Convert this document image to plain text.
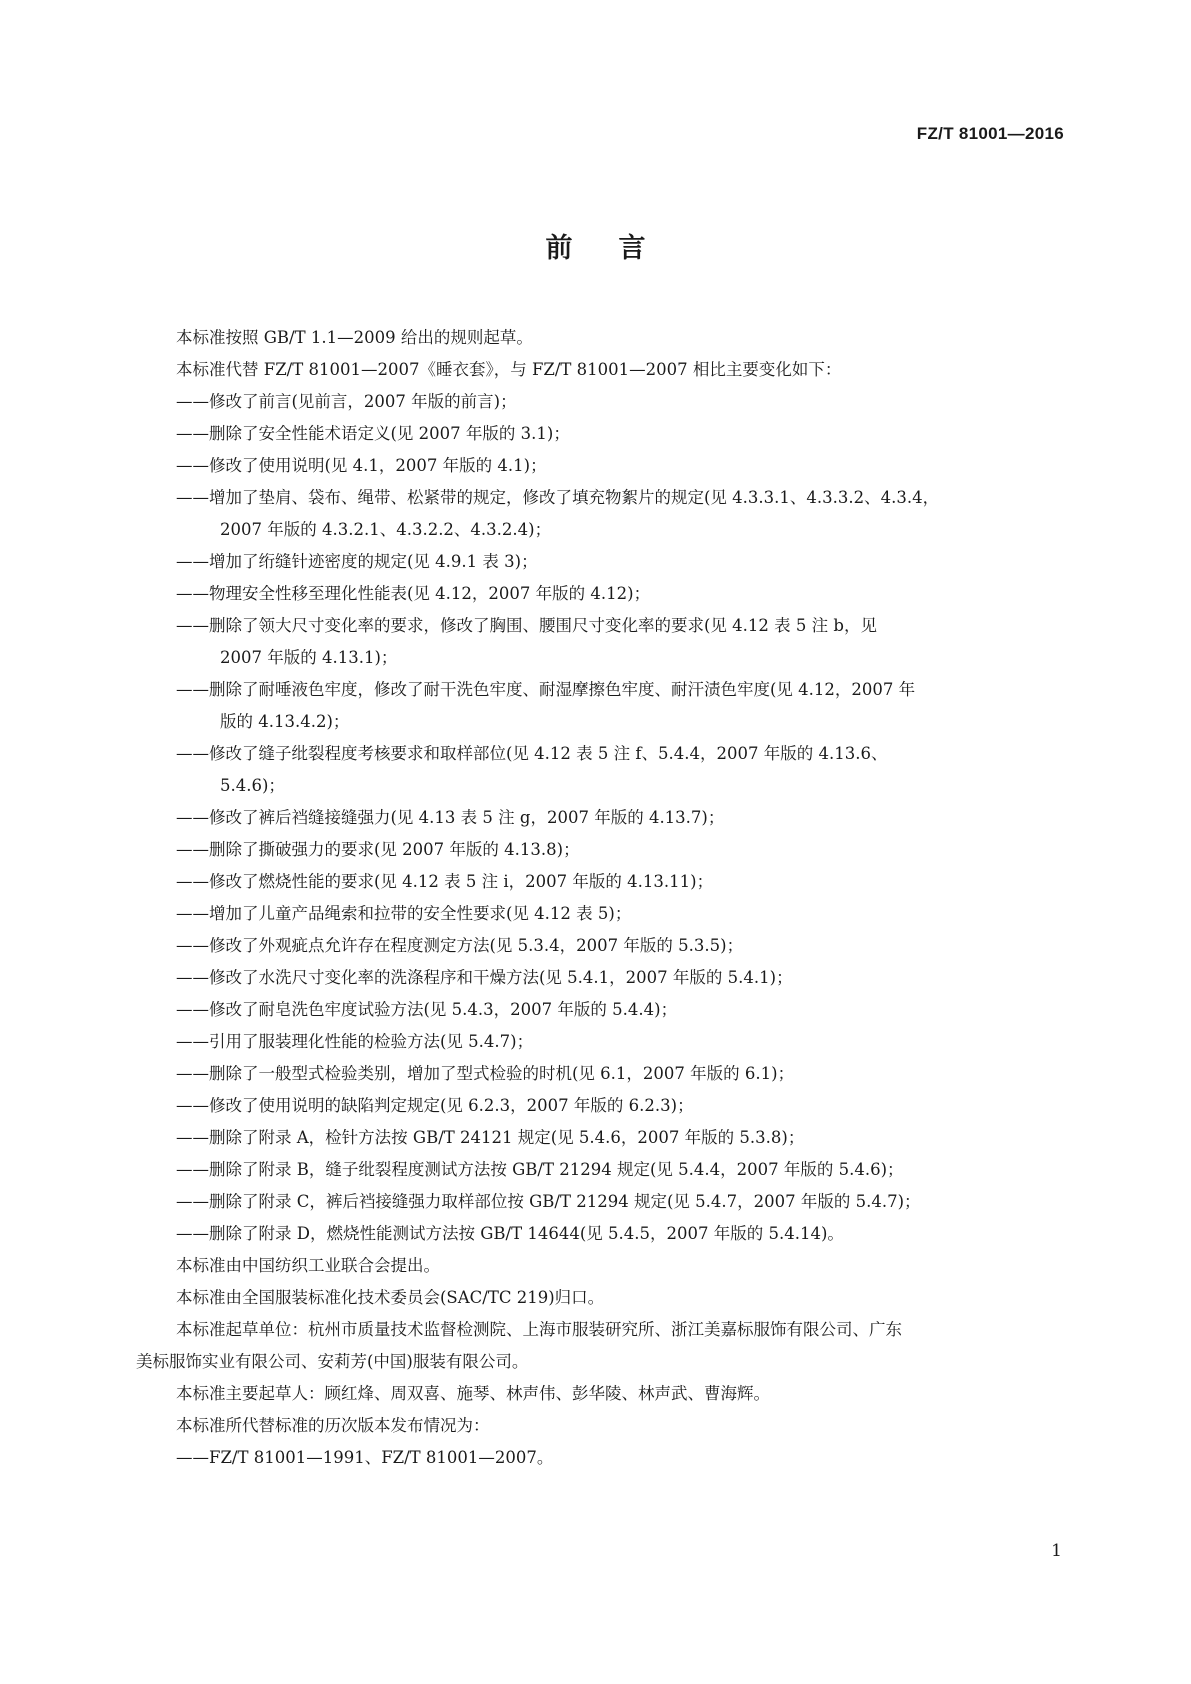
FZ/T 81001—2016
前言

本标准按照 GB/T 1.1—2009 给出的规则起草。

本标准代替 FZ/T 81001—2007《睡衣套》，与 FZ/T 81001—2007 相比主要变化如下：

——修改了前言(见前言，2007 年版的前言)；

——删除了安全性能术语定义(见 2007 年版的 3.1)；

——修改了使用说明(见 4.1，2007 年版的 4.1)；

——增加了垫肩、袋布、绳带、松紧带的规定，修改了填充物絮片的规定(见 4.3.3.1、4.3.3.2、4.3.4，

2007 年版的 4.3.2.1、4.3.2.2、4.3.2.4)；

——增加了绗缝针迹密度的规定(见 4.9.1 表 3)；

——物理安全性移至理化性能表(见 4.12，2007 年版的 4.12)；

——删除了领大尺寸变化率的要求，修改了胸围、腰围尺寸变化率的要求(见 4.12 表 5 注 b，见

2007 年版的 4.13.1)；

——删除了耐唾液色牢度，修改了耐干洗色牢度、耐湿摩擦色牢度、耐汗渍色牢度(见 4.12，2007 年

版的 4.13.4.2)；

——修改了缝子纰裂程度考核要求和取样部位(见 4.12 表 5 注 f、5.4.4，2007 年版的 4.13.6、

5.4.6)；

——修改了裤后裆缝接缝强力(见 4.13 表 5 注 g，2007 年版的 4.13.7)；

——删除了撕破强力的要求(见 2007 年版的 4.13.8)；

——修改了燃烧性能的要求(见 4.12 表 5 注 i，2007 年版的 4.13.11)；

——增加了儿童产品绳索和拉带的安全性要求(见 4.12 表 5)；

——修改了外观疵点允许存在程度测定方法(见 5.3.4，2007 年版的 5.3.5)；

——修改了水洗尺寸变化率的洗涤程序和干燥方法(见 5.4.1，2007 年版的 5.4.1)；

——修改了耐皂洗色牢度试验方法(见 5.4.3，2007 年版的 5.4.4)；

——引用了服装理化性能的检验方法(见 5.4.7)；

——删除了一般型式检验类别，增加了型式检验的时机(见 6.1，2007 年版的 6.1)；

——修改了使用说明的缺陷判定规定(见 6.2.3，2007 年版的 6.2.3)；

——删除了附录 A，检针方法按 GB/T 24121 规定(见 5.4.6，2007 年版的 5.3.8)；

——删除了附录 B，缝子纰裂程度测试方法按 GB/T 21294 规定(见 5.4.4，2007 年版的 5.4.6)；

——删除了附录 C，裤后裆接缝强力取样部位按 GB/T 21294 规定(见 5.4.7，2007 年版的 5.4.7)；

——删除了附录 D，燃烧性能测试方法按 GB/T 14644(见 5.4.5，2007 年版的 5.4.14)。

本标准由中国纺织工业联合会提出。

本标准由全国服装标准化技术委员会(SAC/TC 219)归口。

本标准起草单位：杭州市质量技术监督检测院、上海市服装研究所、浙江美嘉标服饰有限公司、广东
美标服饰实业有限公司、安莉芳(中国)服装有限公司。

本标准主要起草人：顾红烽、周双喜、施琴、林声伟、彭华陵、林声武、曹海辉。

本标准所代替标准的历次版本发布情况为：

——FZ/T 81001—1991、FZ/T 81001—2007。

1
